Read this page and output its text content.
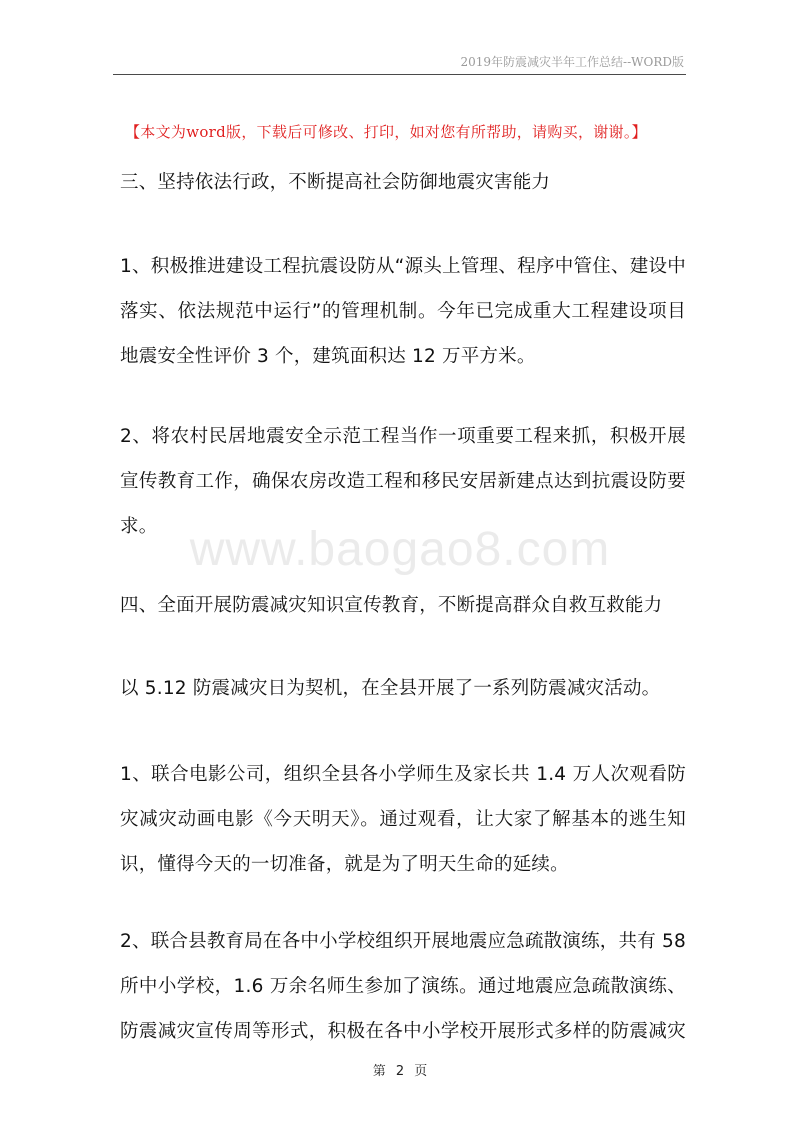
2019年防震减灾半年工作总结--WORD版
【本文为word版，下载后可修改、打印，如对您有所帮助，请购买，谢谢。】
www.baogao8.com
三、坚持依法行政，不断提高社会防御地震灾害能力
1、积极推进建设工程抗震设防从“源头上管理、程序中管住、建设中
落实、依法规范中运行”的管理机制。今年已完成重大工程建设项目
地震安全性评价 3 个，建筑面积达 12 万平方米。
2、将农村民居地震安全示范工程当作一项重要工程来抓，积极开展
宣传教育工作，确保农房改造工程和移民安居新建点达到抗震设防要
求。
四、全面开展防震减灾知识宣传教育，不断提高群众自救互救能力
以 5.12 防震减灾日为契机，在全县开展了一系列防震减灾活动。
1、联合电影公司，组织全县各小学师生及家长共 1.4 万人次观看防
灾减灾动画电影《今天明天》。通过观看，让大家了解基本的逃生知
识，懂得今天的一切准备，就是为了明天生命的延续。
2、联合县教育局在各中小学校组织开展地震应急疏散演练，共有 58
所中小学校，1.6 万余名师生参加了演练。通过地震应急疏散演练、
防震减灾宣传周等形式，积极在各中小学校开展形式多样的防震减灾
第 2 页
